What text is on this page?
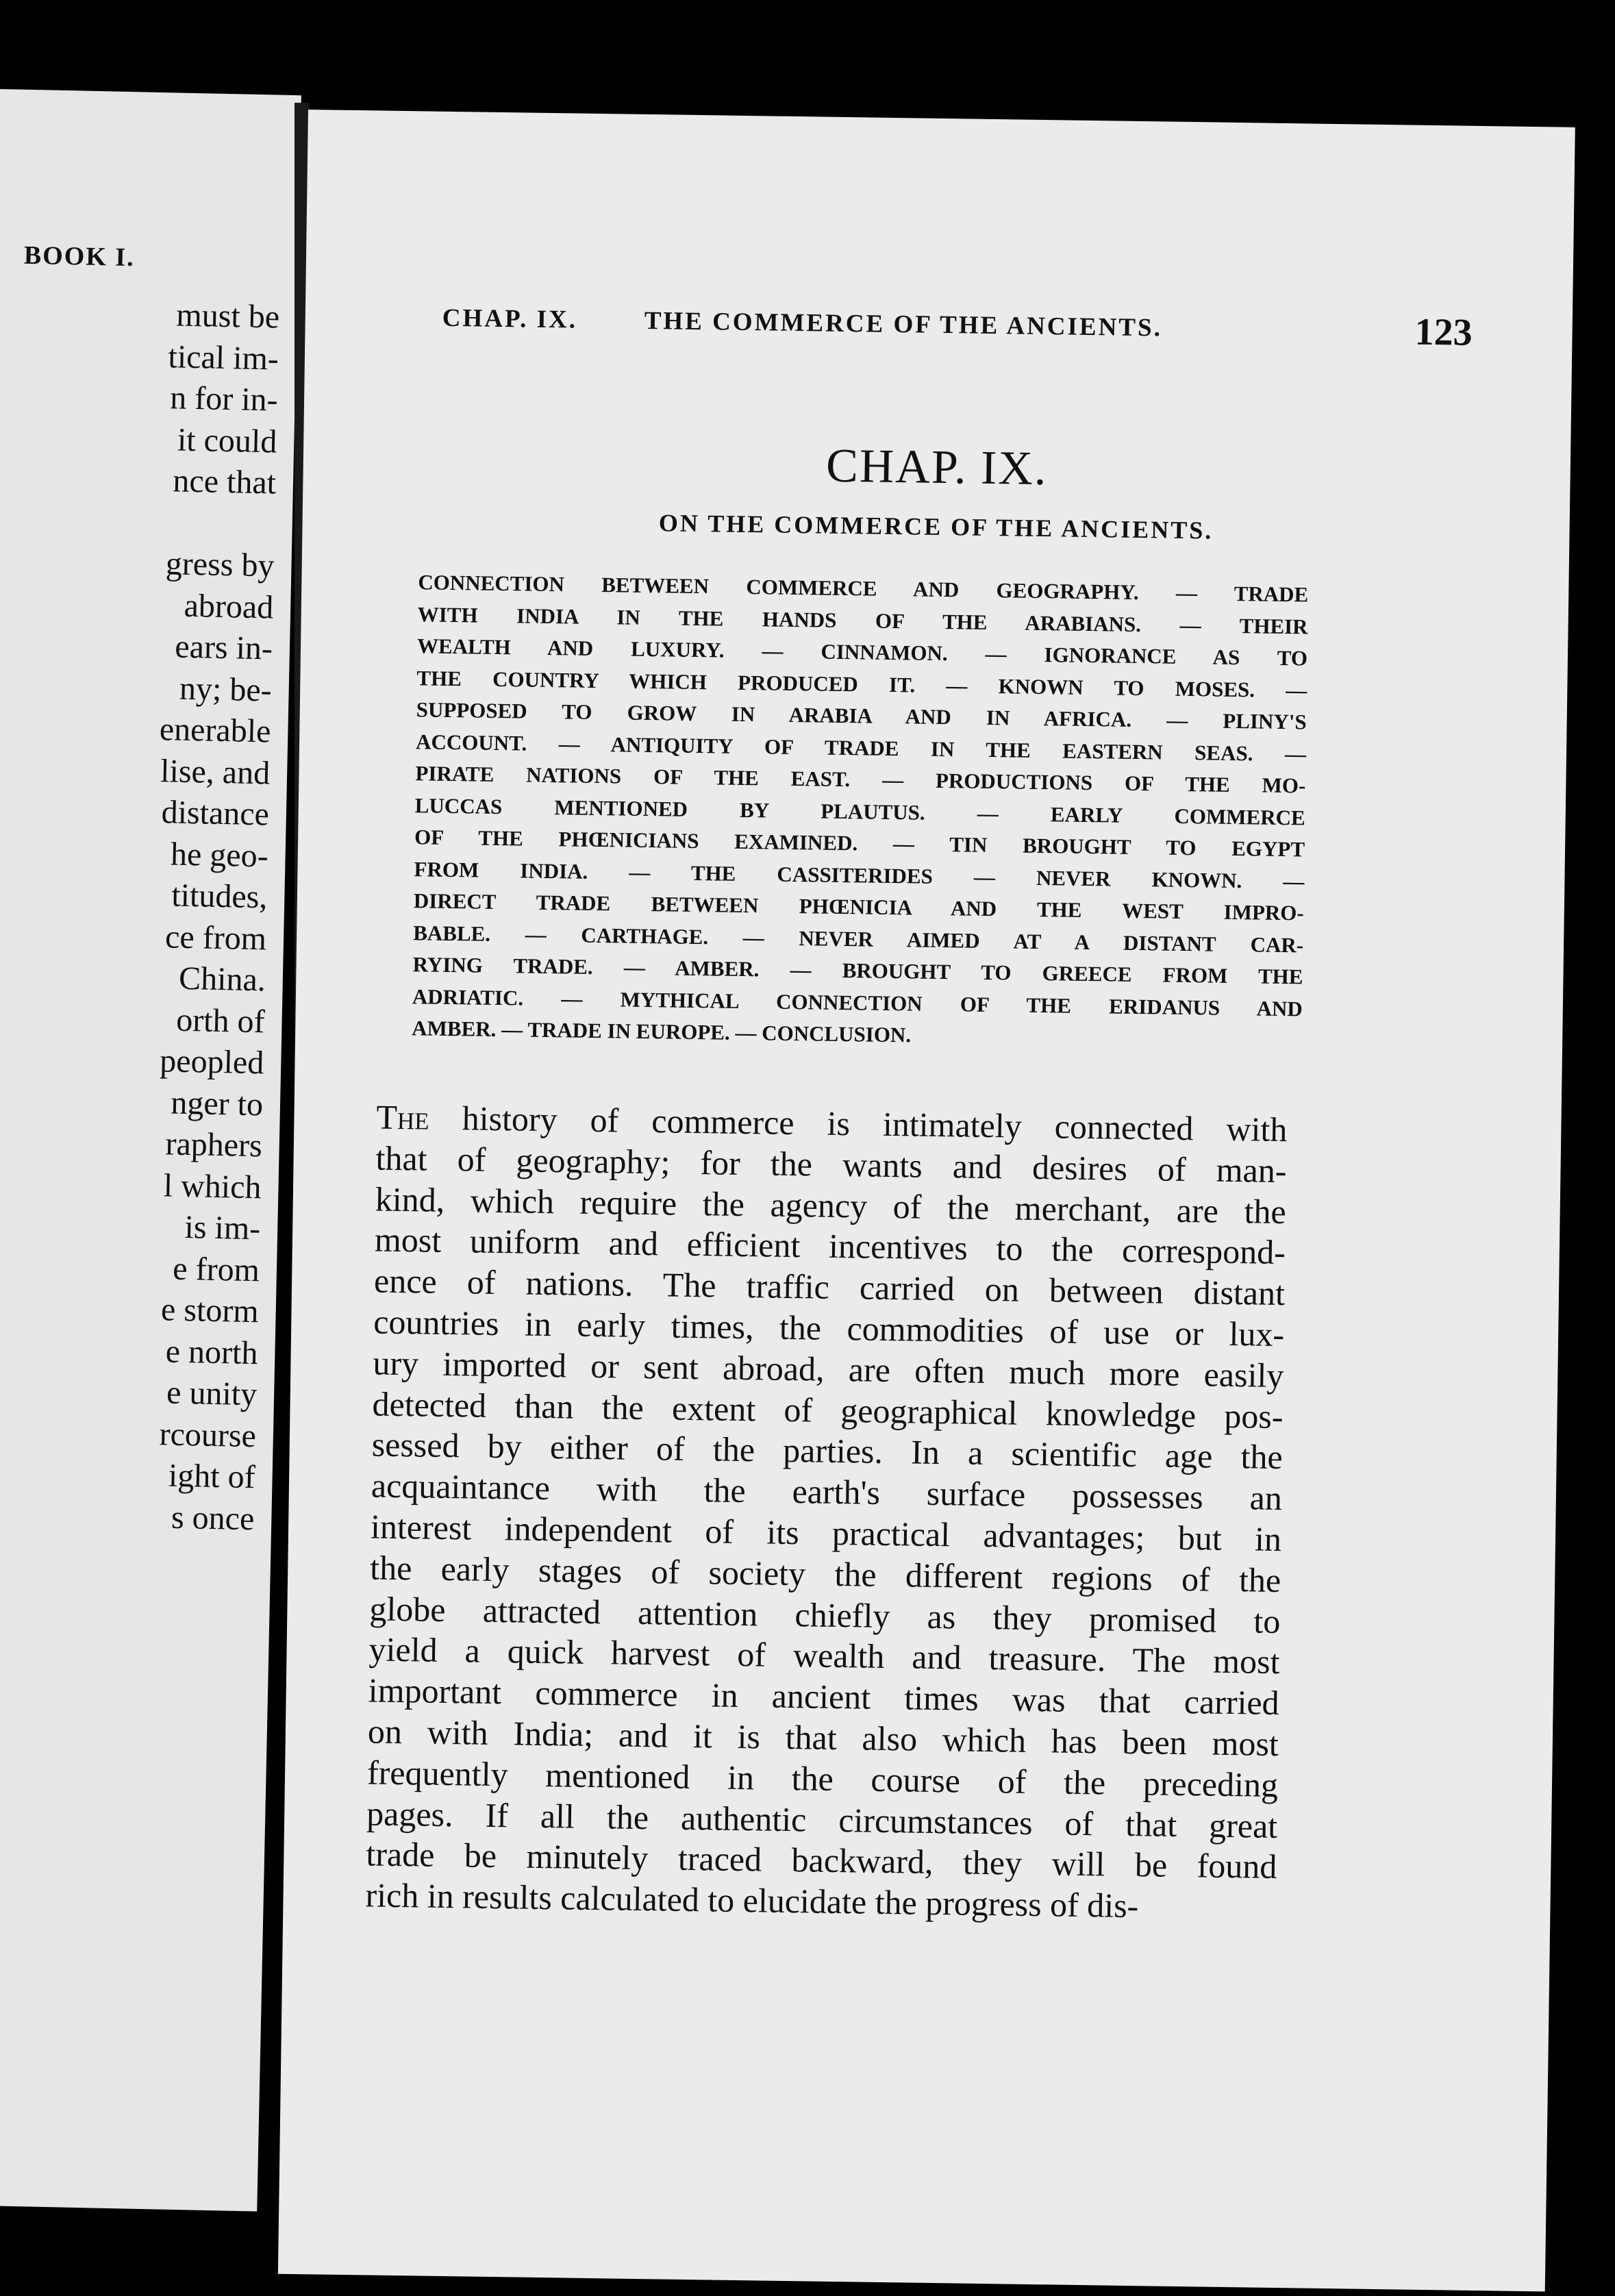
BOOK I.
must be
tical im-
n for in-
it could
nce that

gress by
abroad
ears in-
ny; be-
enerable
lise, and
distance
he geo-
titudes,
ce from
China.
orth of
peopled
nger to
raphers
l which
is im-
e from
e storm
e north
e unity
rcourse
ight of
s once
CHAP. IX.	THE COMMERCE OF THE ANCIENTS.	123
CHAP. IX.
ON THE COMMERCE OF THE ANCIENTS.

CONNECTION BETWEEN COMMERCE AND GEOGRAPHY. — TRADE

WITH INDIA IN THE HANDS OF THE ARABIANS. — THEIR

WEALTH AND LUXURY. — CINNAMON. — IGNORANCE AS TO

THE COUNTRY WHICH PRODUCED IT. — KNOWN TO MOSES. —

SUPPOSED TO GROW IN ARABIA AND IN AFRICA. — PLINY'S

ACCOUNT. — ANTIQUITY OF TRADE IN THE EASTERN SEAS. —

PIRATE NATIONS OF THE EAST. — PRODUCTIONS OF THE MO-

LUCCAS MENTIONED BY PLAUTUS. — EARLY COMMERCE

OF THE PHŒNICIANS EXAMINED. — TIN BROUGHT TO EGYPT

FROM INDIA. — THE CASSITERIDES — NEVER KNOWN. —

DIRECT TRADE BETWEEN PHŒNICIA AND THE WEST IMPRO-

BABLE. — CARTHAGE. — NEVER AIMED AT A DISTANT CAR-

RYING TRADE. — AMBER. — BROUGHT TO GREECE FROM THE

ADRIATIC. — MYTHICAL CONNECTION OF THE ERIDANUS AND

AMBER. — TRADE IN EUROPE. — CONCLUSION.

The history of commerce is intimately connected with
that of geography; for the wants and desires of man-
kind, which require the agency of the merchant, are the
most uniform and efficient incentives to the correspond-
ence of nations. The traffic carried on between distant
countries in early times, the commodities of use or lux-
ury imported or sent abroad, are often much more easily
detected than the extent of geographical knowledge pos-
sessed by either of the parties. In a scientific age the
acquaintance with the earth's surface possesses an
interest independent of its practical advantages; but in
the early stages of society the different regions of the
globe attracted attention chiefly as they promised to
yield a quick harvest of wealth and treasure. The most
important commerce in ancient times was that carried
on with India; and it is that also which has been most
frequently mentioned in the course of the preceding
pages. If all the authentic circumstances of that great
trade be minutely traced backward, they will be found
rich in results calculated to elucidate the progress of dis-
